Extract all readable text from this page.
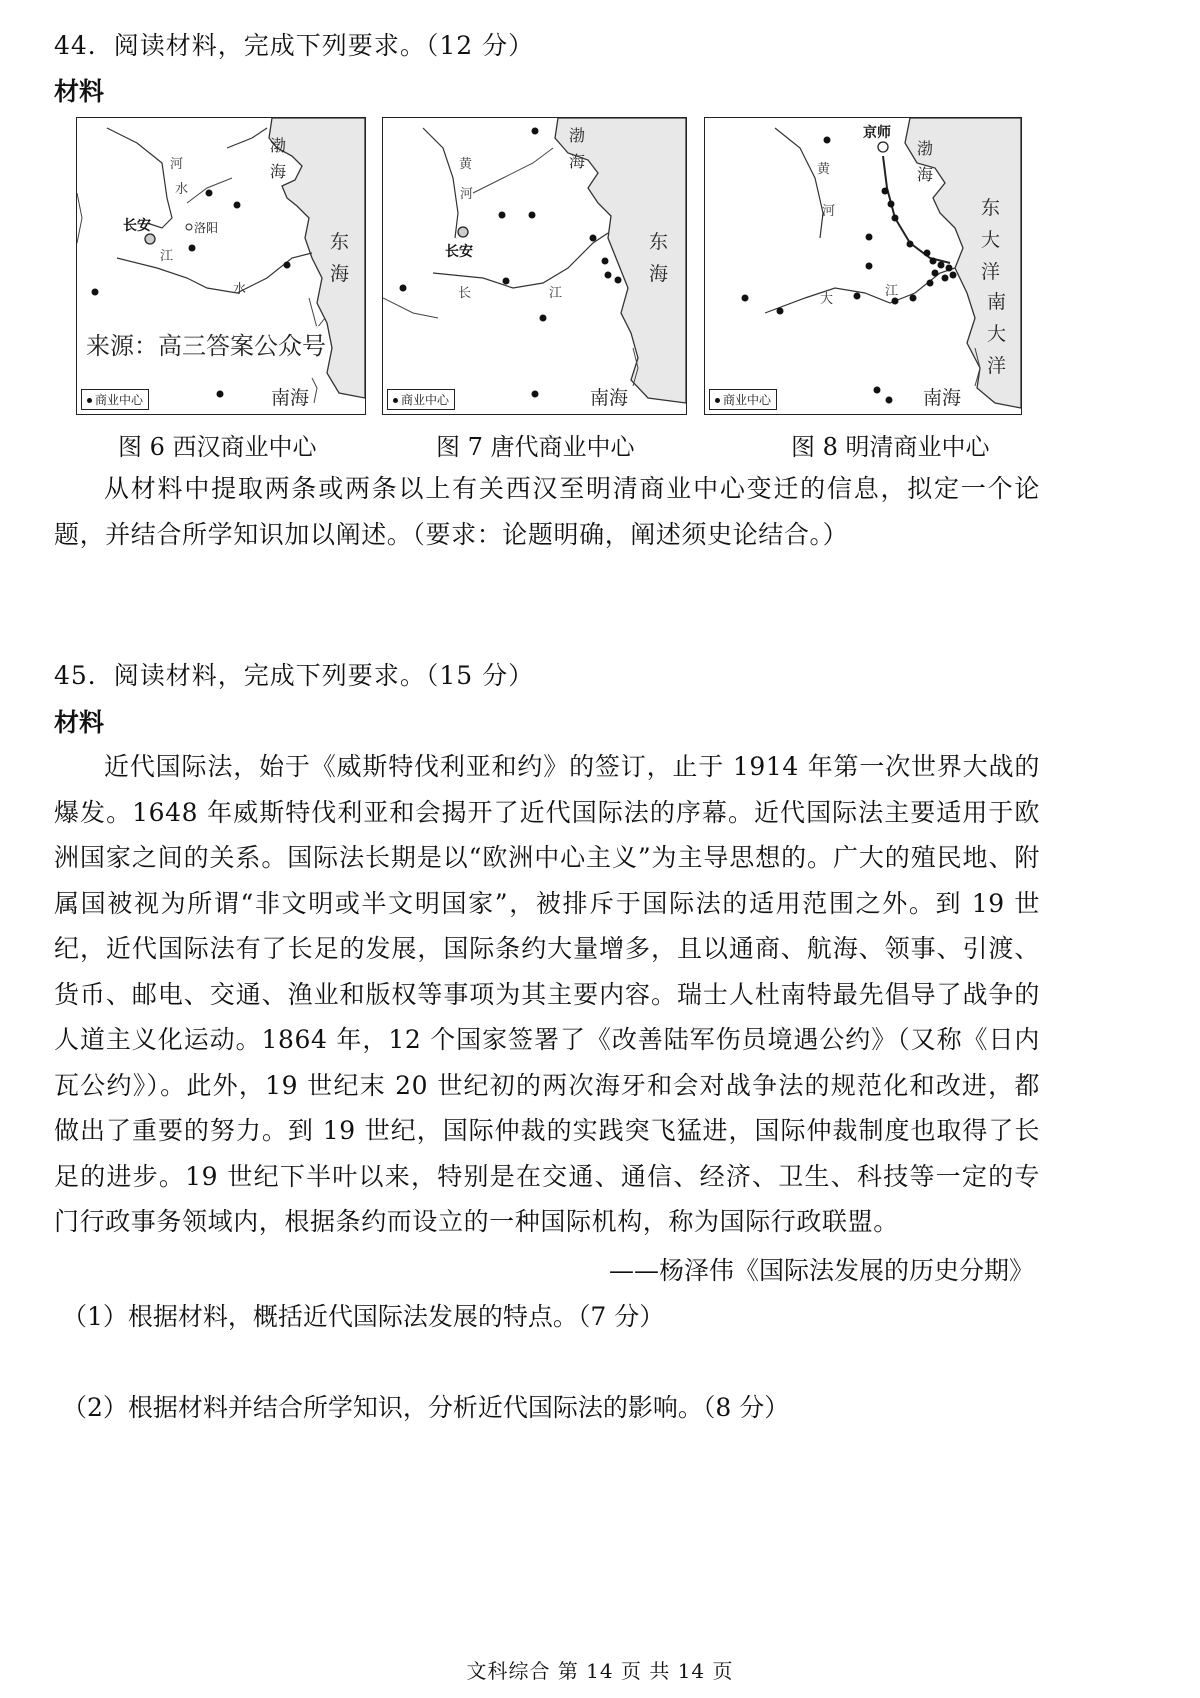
44．阅读材料，完成下列要求。（12 分）
材料
长安	洛阳
河
水
江
水
渤海
东海
南海
商业中心
长安
黄
河
长	江
渤海
东海
南海
商业中心
京师
黄
河
大
江
渤海
东大洋
南大洋
南海
商业中心
来源：高三答案公众号
图 6 西汉商业中心	图 7 唐代商业中心	图 8 明清商业中心

从材料中提取两条或两条以上有关西汉至明清商业中心变迁的信息，拟定一个论题，并结合所学知识加以阐述。（要求：论题明确，阐述须史论结合。）

45．阅读材料，完成下列要求。（15 分）
材料

近代国际法，始于《威斯特伐利亚和约》的签订，止于 1914 年第一次世界大战的爆发。1648 年威斯特伐利亚和会揭开了近代国际法的序幕。近代国际法主要适用于欧洲国家之间的关系。国际法长期是以“欧洲中心主义”为主导思想的。广大的殖民地、附属国被视为所谓“非文明或半文明国家”，被排斥于国际法的适用范围之外。到 19 世纪，近代国际法有了长足的发展，国际条约大量增多，且以通商、航海、领事、引渡、货币、邮电、交通、渔业和版权等事项为其主要内容。瑞士人杜南特最先倡导了战争的人道主义化运动。1864 年，12 个国家签署了《改善陆军伤员境遇公约》（又称《日内瓦公约》）。此外，19 世纪末 20 世纪初的两次海牙和会对战争法的规范化和改进，都做出了重要的努力。到 19 世纪，国际仲裁的实践突飞猛进，国际仲裁制度也取得了长足的进步。19 世纪下半叶以来，特别是在交通、通信、经济、卫生、科技等一定的专门行政事务领域内，根据条约而设立的一种国际机构，称为国际行政联盟。

——杨泽伟《国际法发展的历史分期》
（1）根据材料，概括近代国际法发展的特点。（7 分）
（2）根据材料并结合所学知识，分析近代国际法的影响。（8 分）
文科综合 第 14 页 共 14 页
